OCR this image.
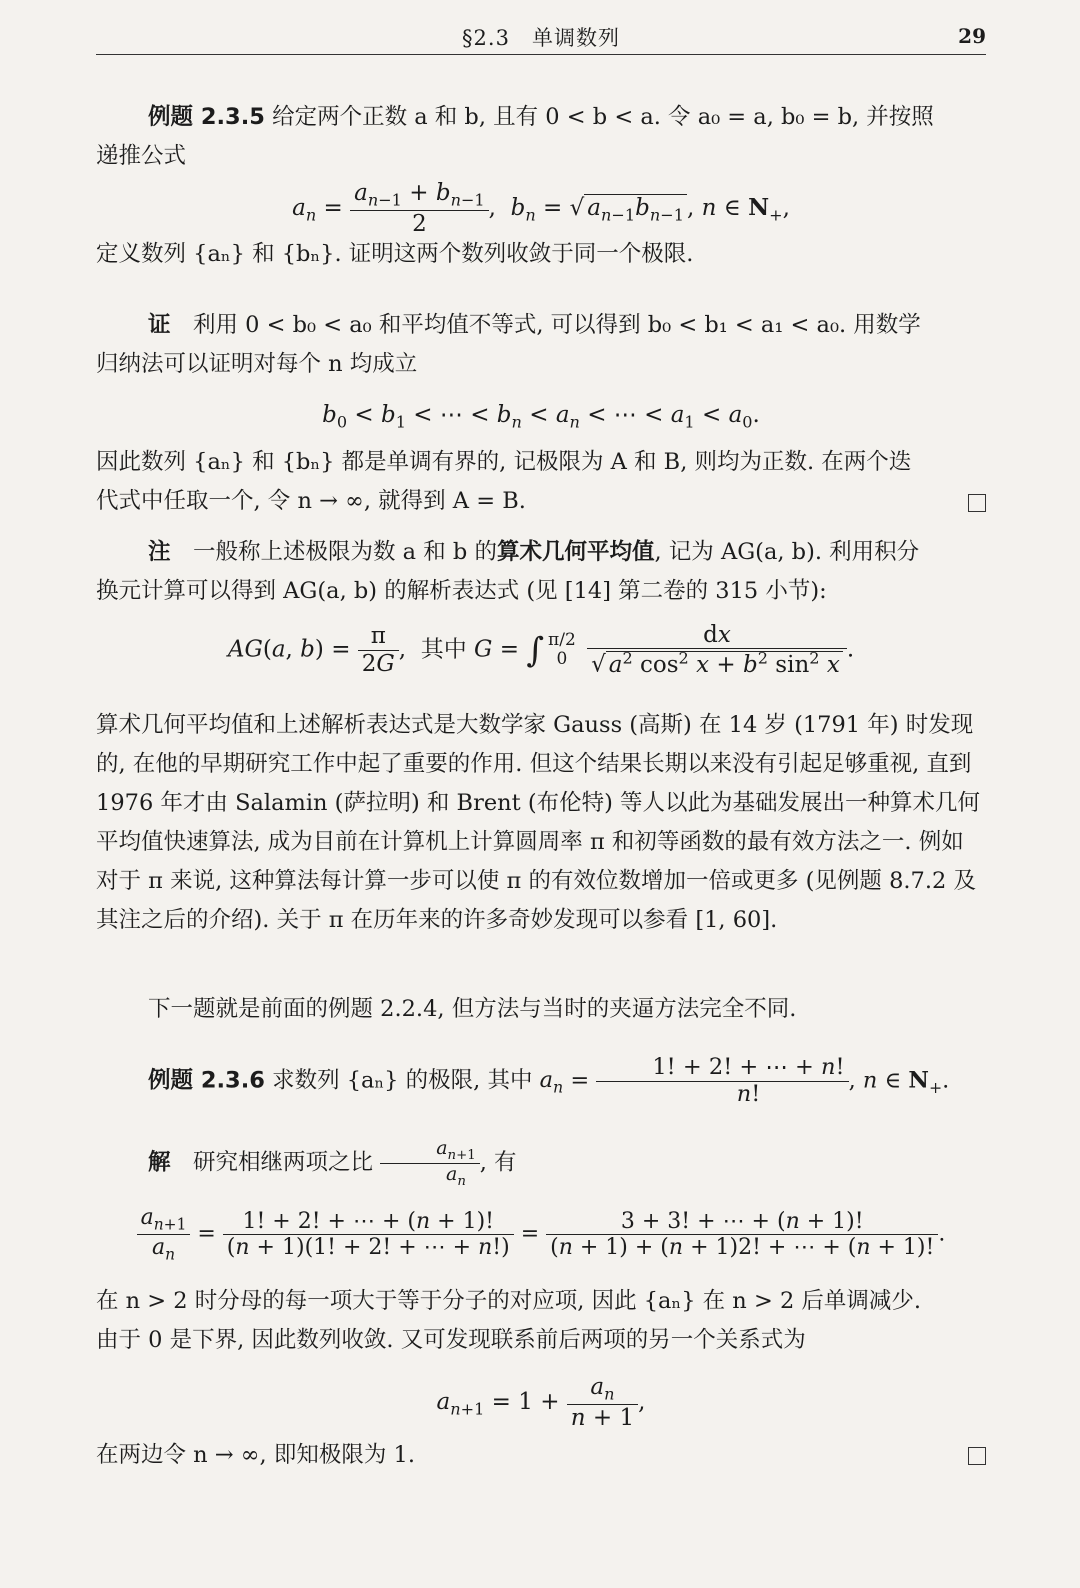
§2.3　单调数列	29

例题 2.3.5 给定两个正数 a 和 b, 且有 0 < b < a. 令 a₀ = a, b₀ = b, 并按照

递推公式

$a_n = \frac{a_{n-1} + b_{n-1}}{2}$ ,  $b_n$ = √ $a_{n-1}b_{n-1}$ , n ∈ $N_+$,

定义数列 {aₙ} 和 {bₙ}. 证明这两个数列收敛于同一个极限.

证　 利用 0 < b₀ < a₀ 和平均值不等式, 可以得到 b₀ < b₁ < a₁ < a₀. 用数学

归纳法可以证明对每个 n 均成立

$b_0 < b_1$ < ⋯ < $b_n < a_n$ < ⋯ < $a_1 < a_0$.

因此数列 {aₙ} 和 {bₙ} 都是单调有界的, 记极限为 A 和 B, 则均为正数. 在两个迭

代式中任取一个, 令 n → ∞, 就得到 A = B.

注　 一般称上述极限为数 a 和 b 的算术几何平均值, 记为 AG(a, b). 利用积分

换元计算可以得到 AG(a, b) 的解析表达式 (见 [14] 第二卷的 315 小节):

AG(a, $b) = \frac{\pi}{2G}$ ,  其中 G = ∫ π/2
0
$\frac{dx}{√ a^2 \cos^2 x + b^2 \sin^2 x}$ .

算术几何平均值和上述解析表达式是大数学家 Gauss (高斯) 在 14 岁 (1791 年) 时发现的, 在他的早期研究工作中起了重要的作用. 但这个结果长期以来没有引起足够重视, 直到 1976 年才由 Salamin (萨拉明) 和 Brent (布伦特) 等人以此为基础发展出一种算术几何平均值快速算法, 成为目前在计算机上计算圆周率 π 和初等函数的最有效方法之一. 例如对于 π 来说, 这种算法每计算一步可以使 π 的有效位数增加一倍或更多 (见例题 8.7.2 及其注之后的介绍). 关于 π 在历年来的许多奇妙发现可以参看 [1, 60].

下一题就是前面的例题 2.2.4, 但方法与当时的夹逼方法完全不同.

例题 2.3.6 求数列 {aₙ} 的极限, 其中 $a_n = \frac{1! + 2! + \cdots + n!}{n!}$ , n ∈ $N_+$.
解　 研究相继两项之比 $\frac{a_{n+1}}{a_n}$ , 有
$\frac{a_{n+1}}{a_n} = \frac{1! + 2! + \cdots + (n + 1)!}{(n + 1)(1! + 2! + \cdots + n!)} = \frac{3 + 3! + \cdots + (n + 1)!}{(n + 1) + (n + 1)2! + \cdots + (n + 1)!}$ .

在 n > 2 时分母的每一项大于等于分子的对应项, 因此 {aₙ} 在 n > 2 后单调减少.

由于 0 是下界, 因此数列收敛. 又可发现联系前后两项的另一个关系式为

$a_{n+1} = 1 + \frac{a_n}{n + 1}$ ,

在两边令 n → ∞, 即知极限为 1.
